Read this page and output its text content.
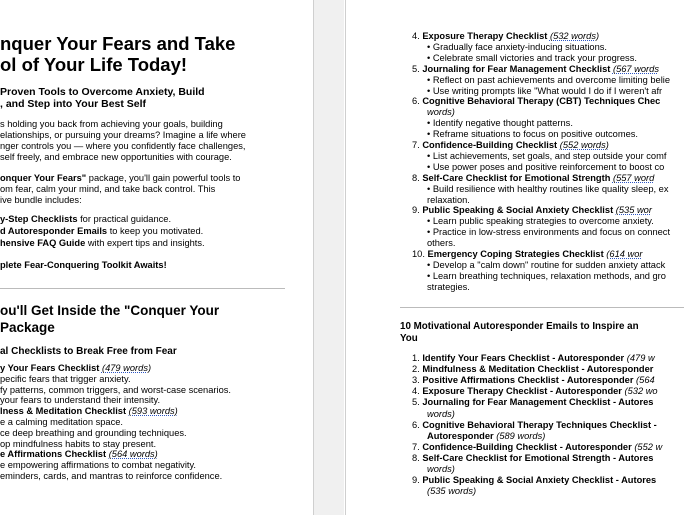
nquer Your Fears and Take
ol of Your Life Today!
Proven Tools to Overcome Anxiety, Build
, and Step into Your Best Self
s holding you back from achieving your goals, building
elationships, or pursuing your dreams? Imagine a life where
nger controls you — where you confidently face challenges,
self freely, and embrace new opportunities with courage.
onquer Your Fears" package, you'll gain powerful tools to
om fear, calm your mind, and take back control. This
ive bundle includes:
y-Step Checklists for practical guidance.
d Autoresponder Emails to keep you motivated.
hensive FAQ Guide with expert tips and insights.
plete Fear-Conquering Toolkit Awaits!
ou'll Get Inside the "Conquer Your
Package
al Checklists to Break Free from Fear
y Your Fears Checklist (479 words)
pecific fears that trigger anxiety.
fy patterns, common triggers, and worst-case scenarios.
your fears to understand their intensity.
lness & Meditation Checklist (593 words)
e a calming meditation space.
ce deep breathing and grounding techniques.
op mindfulness habits to stay present.
e Affirmations Checklist (564 words)
e empowering affirmations to combat negativity.
eminders, cards, and mantras to reinforce confidence.
4. Exposure Therapy Checklist (532 words)
• Gradually face anxiety-inducing situations.
• Celebrate small victories and track your progress.
5. Journaling for Fear Management Checklist (567 words
• Reflect on past achievements and overcome limiting belie
• Use writing prompts like "What would I do if I weren't afr
6. Cognitive Behavioral Therapy (CBT) Techniques Chec
words)
• Identify negative thought patterns.
• Reframe situations to focus on positive outcomes.
7. Confidence-Building Checklist (552 words)
• List achievements, set goals, and step outside your comf
• Use power poses and positive reinforcement to boost co
8. Self-Care Checklist for Emotional Strength (557 word
• Build resilience with healthy routines like quality sleep, ex
relaxation.
9. Public Speaking & Social Anxiety Checklist (535 wor
• Learn public speaking strategies to overcome anxiety.
• Practice in low-stress environments and focus on connect
others.
10. Emergency Coping Strategies Checklist (614 wor
• Develop a "calm down" routine for sudden anxiety attack
• Learn breathing techniques, relaxation methods, and gro
strategies.
10 Motivational Autoresponder Emails to Inspire an
You
1. Identify Your Fears Checklist - Autoresponder (479 w
2. Mindfulness & Meditation Checklist - Autoresponder
3. Positive Affirmations Checklist - Autoresponder (564
4. Exposure Therapy Checklist - Autoresponder (532 wo
5. Journaling for Fear Management Checklist - Autores
words)
6. Cognitive Behavioral Therapy Techniques Checklist -
Autoresponder (589 words)
7. Confidence-Building Checklist - Autoresponder (552 w
8. Self-Care Checklist for Emotional Strength - Autores
words)
9. Public Speaking & Social Anxiety Checklist - Autores
(535 words)
